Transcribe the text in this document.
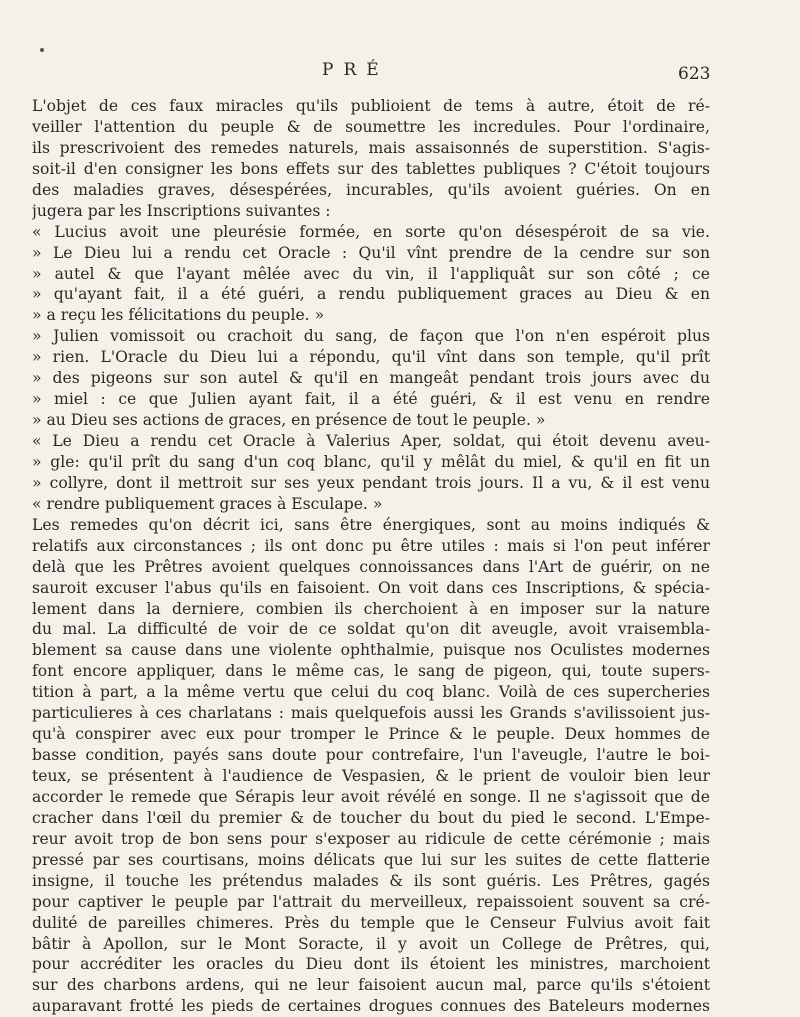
PRÉ	623
L'objet de ces faux miracles qu'ils publioient de tems à autre, étoit de ré-
veiller l'attention du peuple & de soumettre les incredules. Pour l'ordinaire,
ils prescrivoient des remedes naturels, mais assaisonnés de superstition. S'agis-
soit-il d'en consigner les bons effets sur des tablettes publiques ? C'étoit toujours
des maladies graves, désespérées, incurables, qu'ils avoient guéries. On en
jugera par les Inscriptions suivantes :
« Lucius avoit une pleurésie formée, en sorte qu'on désespéroit de sa vie.
» Le Dieu lui a rendu cet Oracle : Qu'il vînt prendre de la cendre sur son
» autel & que l'ayant mêlée avec du vin, il l'appliquât sur son côté ; ce
» qu'ayant fait, il a été guéri, a rendu publiquement graces au Dieu & en
» a reçu les félicitations du peuple. »
» Julien vomissoit ou crachoit du sang, de façon que l'on n'en espéroit plus
» rien. L'Oracle du Dieu lui a répondu, qu'il vînt dans son temple, qu'il prît
» des pigeons sur son autel & qu'il en mangeât pendant trois jours avec du
» miel : ce que Julien ayant fait, il a été guéri, & il est venu en rendre
» au Dieu ses actions de graces, en présence de tout le peuple. »
« Le Dieu a rendu cet Oracle à Valerius Aper, soldat, qui étoit devenu aveu-
» gle: qu'il prît du sang d'un coq blanc, qu'il y mêlât du miel, & qu'il en fit un
» collyre, dont il mettroit sur ses yeux pendant trois jours. Il a vu, & il est venu
« rendre publiquement graces à Esculape. »
Les remedes qu'on décrit ici, sans être énergiques, sont au moins indiqués &
relatifs aux circonstances ; ils ont donc pu être utiles : mais si l'on peut inférer
delà que les Prêtres avoient quelques connoissances dans l'Art de guérir, on ne
sauroit excuser l'abus qu'ils en faisoient. On voit dans ces Inscriptions, & spécia-
lement dans la derniere, combien ils cherchoient à en imposer sur la nature
du mal. La difficulté de voir de ce soldat qu'on dit aveugle, avoit vraisembla-
blement sa cause dans une violente ophthalmie, puisque nos Oculistes modernes
font encore appliquer, dans le même cas, le sang de pigeon, qui, toute supers-
tition à part, a la même vertu que celui du coq blanc. Voilà de ces supercheries
particulieres à ces charlatans : mais quelquefois aussi les Grands s'avilissoient jus-
qu'à conspirer avec eux pour tromper le Prince & le peuple. Deux hommes de
basse condition, payés sans doute pour contrefaire, l'un l'aveugle, l'autre le boi-
teux, se présentent à l'audience de Vespasien, & le prient de vouloir bien leur
accorder le remede que Sérapis leur avoit révélé en songe. Il ne s'agissoit que de
cracher dans l'œil du premier & de toucher du bout du pied le second. L'Empe-
reur avoit trop de bon sens pour s'exposer au ridicule de cette cérémonie ; mais
pressé par ses courtisans, moins délicats que lui sur les suites de cette flatterie
insigne, il touche les prétendus malades & ils sont guéris. Les Prêtres, gagés
pour captiver le peuple par l'attrait du merveilleux, repaissoient souvent sa cré-
dulité de pareilles chimeres. Près du temple que le Censeur Fulvius avoit fait
bâtir à Apollon, sur le Mont Soracte, il y avoit un College de Prêtres, qui,
pour accréditer les oracles du Dieu dont ils étoient les ministres, marchoient
sur des charbons ardens, qui ne leur faisoient aucun mal, parce qu'ils s'étoient
auparavant frotté les pieds de certaines drogues connues des Bateleurs modernes
